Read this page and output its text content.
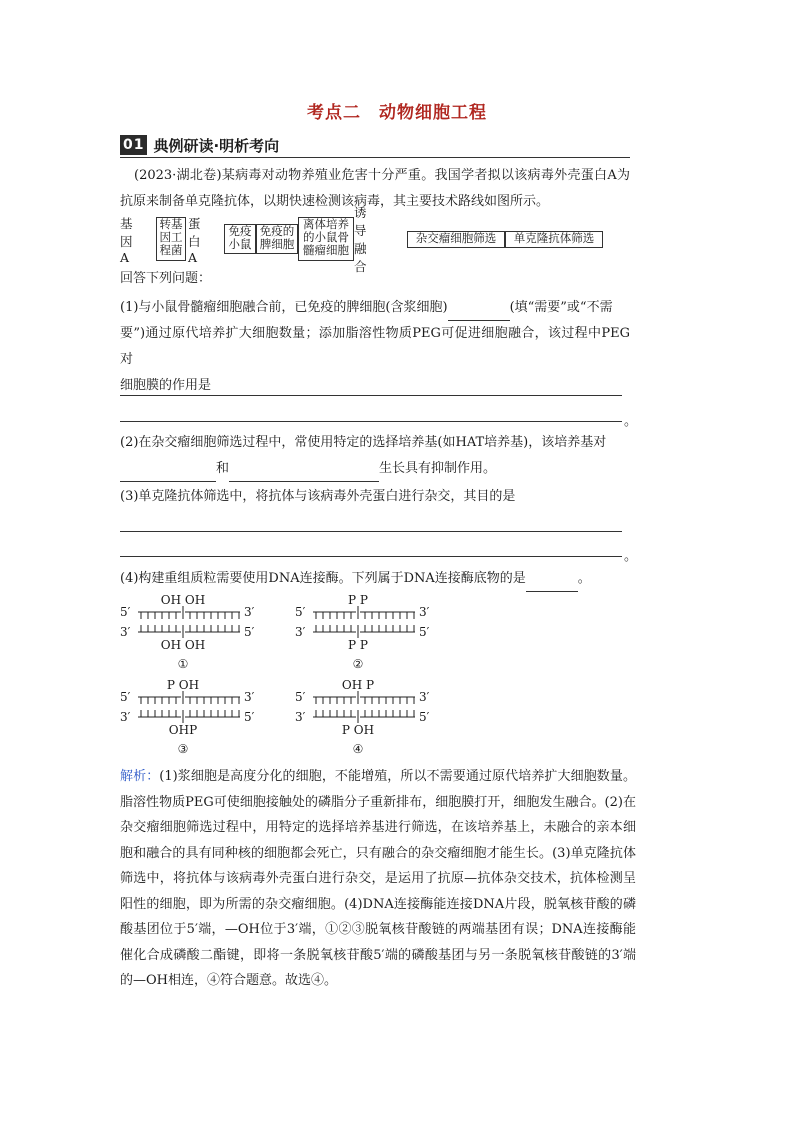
考点二　动物细胞工程
01 典例研读·明析考向
(2023·湖北卷)某病毒对动物养殖业危害十分严重。我国学者拟以该病毒外壳蛋白A为抗原来制备单克隆抗体，以期快速检测该病毒，其主要技术路线如图所示。
基因A
转基
因工
程菌
蛋白A
免疫
小鼠
免疫的
脾细胞
离体培养
的小鼠骨
髓瘤细胞
诱导融合
杂交瘤细胞筛选	单克隆抗体筛选
回答下列问题：
(1)与小鼠骨髓瘤细胞融合前，已免疫的脾细胞(含浆细胞)	(填“需要”或“不需
要”)通过原代培养扩大细胞数量；添加脂溶性物质PEG可促进细胞融合，该过程中PEG对
细胞膜的作用是
。
(2)在杂交瘤细胞筛选过程中，常使用特定的选择培养基(如HAT培养基)，该培养基对
和	生长具有抑制作用。
(3)单克隆抗体筛选中，将抗体与该病毒外壳蛋白进行杂交，其目的是
。
(4)构建重组质粒需要使用DNA连接酶。下列属于DNA连接酶底物的是	。
5′	3′
3′	5′
OH OH
OH OH
①
5′	3′
3′	5′
P P
P P
②
5′	3′
3′	5′
P OH
OHP
③
5′	3′
3′	5′
OH P
P OH
④
解析：(1)浆细胞是高度分化的细胞，不能增殖，所以不需要通过原代培养扩大细胞数量。脂溶性物质PEG可使细胞接触处的磷脂分子重新排布，细胞膜打开，细胞发生融合。(2)在杂交瘤细胞筛选过程中，用特定的选择培养基进行筛选，在该培养基上，未融合的亲本细胞和融合的具有同种核的细胞都会死亡，只有融合的杂交瘤细胞才能生长。(3)单克隆抗体筛选中，将抗体与该病毒外壳蛋白进行杂交，是运用了抗原—抗体杂交技术，抗体检测呈阳性的细胞，即为所需的杂交瘤细胞。(4)DNA连接酶能连接DNA片段，脱氧核苷酸的磷酸基团位于5′端，—OH位于3′端，①②③脱氧核苷酸链的两端基团有误；DNA连接酶能催化合成磷酸二酯键，即将一条脱氧核苷酸5′端的磷酸基团与另一条脱氧核苷酸链的3′端的—OH相连，④符合题意。故选④。
